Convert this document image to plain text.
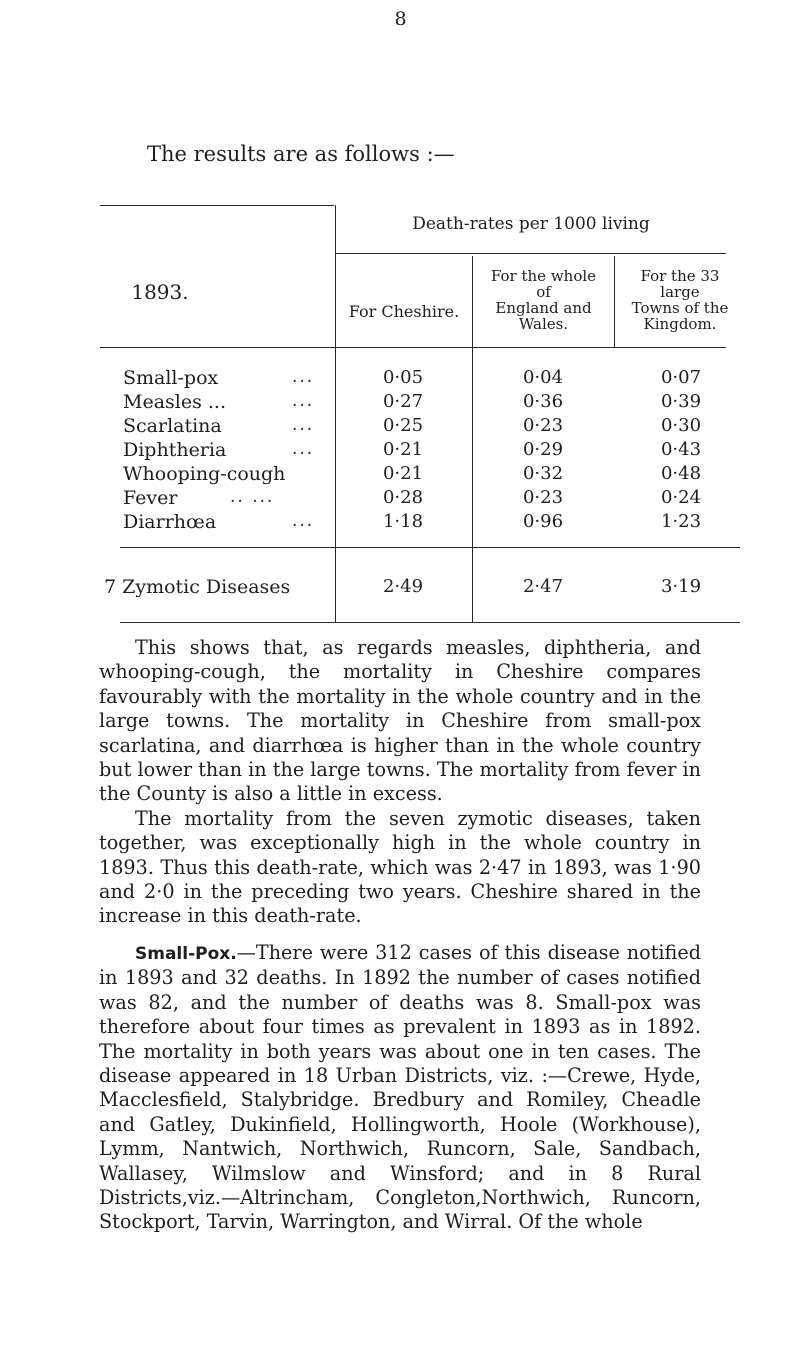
8
The results are as follows :—
Death-rates per 1000 living
1893.
For Cheshire.
For the whole
of
England and
Wales.
For the 33
large
Towns of the
Kingdom.
Small-pox	...	0·05	0·04	0·07
Measles ...	...	0·27	0·36	0·39
Scarlatina	...	0·25	0·23	0·30
Diphtheria	...	0·21	0·29	0·43
Whooping-cough	0·21	0·32	0·48
Fever	.. ...	0·28	0·23	0·24
Diarrhœa	...	1·18	0·96	1·23
7 Zymotic Diseases	2·49	2·47	3·19

This shows that, as regards measles, diphtheria, and whooping-cough, the mortality in Cheshire compares favourably with the mortality in the whole country and in the large towns. The mortality in Cheshire from small-pox scarlatina, and diarrhœa is higher than in the whole country but lower than in the large towns. The mortality from fever in the County is also a little in excess.

The mortality from the seven zymotic diseases, taken together, was exceptionally high in the whole country in 1893. Thus this death-rate, which was 2·47 in 1893, was 1·90 and 2·0 in the preceding two years. Cheshire shared in the increase in this death-rate.

Small-Pox.—There were 312 cases of this disease notified in 1893 and 32 deaths. In 1892 the number of cases notified was 82, and the number of deaths was 8. Small-pox was therefore about four times as prevalent in 1893 as in 1892. The mortality in both years was about one in ten cases. The disease appeared in 18 Urban Districts, viz. :—Crewe, Hyde, Macclesfield, Stalybridge. Bredbury and Romiley, Cheadle and Gatley, Dukinfield, Hollingworth, Hoole (Workhouse), Lymm, Nantwich, Northwich, Runcorn, Sale, Sandbach, Wallasey, Wilmslow and Winsford; and in 8 Rural Districts,viz.—Altrincham, Congleton,Northwich, Runcorn, Stockport, Tarvin, Warrington, and Wirral. Of the whole
